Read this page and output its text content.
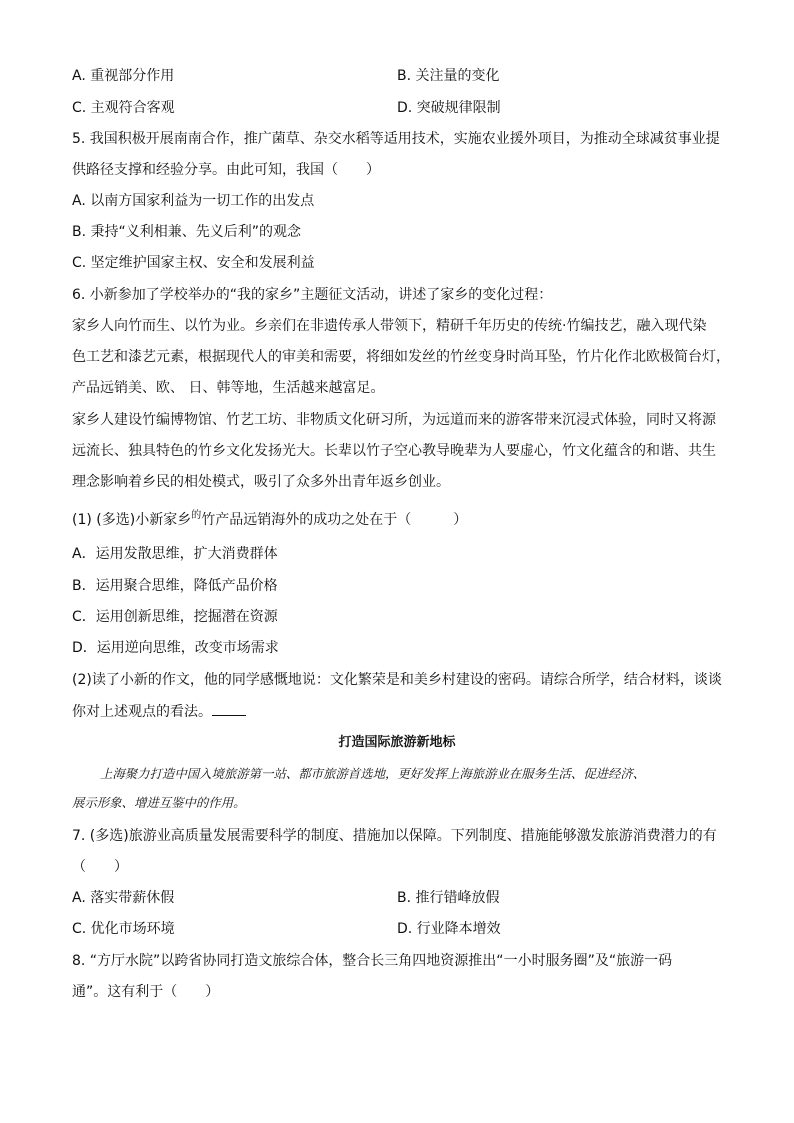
A. 重视部分作用	B. 关注量的变化
C. 主观符合客观	D. 突破规律限制
5. 我国积极开展南南合作，推广菌草、杂交水稻等适用技术，实施农业援外项目，为推动全球减贫事业提
供路径支撑和经验分享。由此可知，我国（　　）
A. 以南方国家利益为一切工作的出发点
B. 秉持“义利相兼、先义后利”的观念
C. 坚定维护国家主权、安全和发展利益
6. 小新参加了学校举办的“我的家乡”主题征文活动，讲述了家乡的变化过程：
家乡人向竹而生、以竹为业。乡亲们在非遗传承人带领下，精研千年历史的传统·竹编技艺，融入现代染
色工艺和漆艺元素，根据现代人的审美和需要，将细如发丝的竹丝变身时尚耳坠，竹片化作北欧极简台灯，
产品远销美、欧、 日、韩等地，生活越来越富足。
家乡人建设竹编博物馆、竹艺工坊、非物质文化研习所，为远道而来的游客带来沉浸式体验，同时又将源
远流长、独具特色的竹乡文化发扬光大。长辈以竹子空心教导晚辈为人要虚心，竹文化蕴含的和谐、共生
理念影响着乡民的相处模式，吸引了众多外出青年返乡创业。
(1) (多选)小新家乡$^的$竹产品远销海外的成功之处在于（　　　）
A．运用发散思维，扩大消费群体
B．运用聚合思维，降低产品价格
C．运用创新思维，挖掘潜在资源
D．运用逆向思维，改变市场需求
(2)读了小新的作文，他的同学感慨地说：文化繁荣是和美乡村建设的密码。请综合所学，结合材料，谈谈
你对上述观点的看法。
打造国际旅游新地标
上海聚力打造中国入境旅游第一站、都市旅游首选地，更好发挥上海旅游业在服务生活、促进经济、
展示形象、增进互鉴中的作用。
7. (多选)旅游业高质量发展需要科学的制度、措施加以保障。下列制度、措施能够激发旅游消费潜力的有
（　　）
A. 落实带薪休假	B. 推行错峰放假
C. 优化市场环境	D. 行业降本增效
8. “方厅水院”以跨省协同打造文旅综合体，整合长三角四地资源推出“一小时服务圈”及“旅游一码
通”。这有利于（　　）
